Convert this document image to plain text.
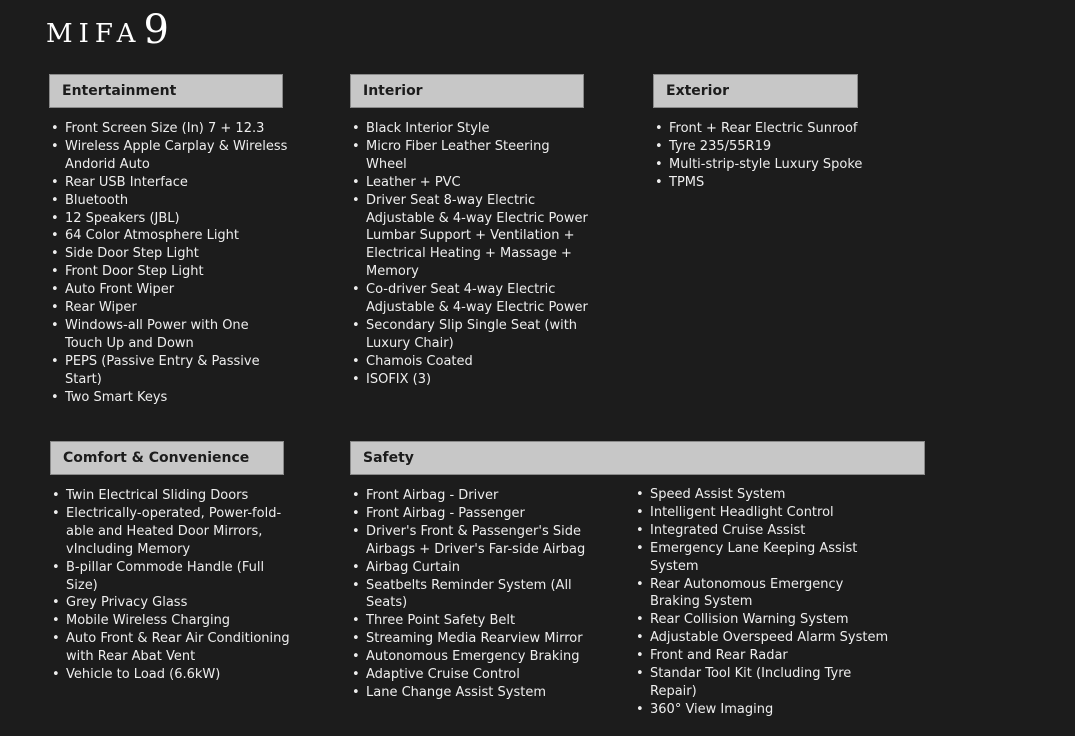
MIFA 9
Entertainment
• Front Screen Size (In) 7 + 12.3
• Wireless Apple Carplay & Wireless Andorid Auto
• Rear USB Interface
• Bluetooth
• 12 Speakers (JBL)
• 64 Color Atmosphere Light
• Side Door Step Light
• Front Door Step Light
• Auto Front Wiper
• Rear Wiper
• Windows-all Power with One Touch Up and Down
• PEPS (Passive Entry & Passive Start)
• Two Smart Keys
Interior
• Black Interior Style
• Micro Fiber Leather Steering Wheel
• Leather + PVC
• Driver Seat 8-way Electric Adjustable & 4-way Electric Power Lumbar Support + Ventilation + Electrical Heating + Massage + Memory
• Co-driver Seat 4-way Electric Adjustable & 4-way Electric Power
• Secondary Slip Single Seat (with Luxury Chair)
• Chamois Coated
• ISOFIX (3)
Exterior
• Front + Rear Electric Sunroof
• Tyre 235/55R19
• Multi-strip-style Luxury Spoke
• TPMS
Comfort & Convenience
• Twin Electrical Sliding Doors
• Electrically-operated, Power-fold-able and Heated Door Mirrors, vIncluding Memory
• B-pillar Commode Handle (Full Size)
• Grey Privacy Glass
• Mobile Wireless Charging
• Auto Front & Rear Air Conditioning with Rear Abat Vent
• Vehicle to Load (6.6kW)
Safety
• Front Airbag - Driver
• Front Airbag - Passenger
• Driver's Front & Passenger's Side Airbags + Driver's Far-side Airbag
• Airbag Curtain
• Seatbelts Reminder System (All Seats)
• Three Point Safety Belt
• Streaming Media Rearview Mirror
• Autonomous Emergency Braking
• Adaptive Cruise Control
• Lane Change Assist System
• Speed Assist System
• Intelligent Headlight Control
• Integrated Cruise Assist
• Emergency Lane Keeping Assist System
• Rear Autonomous Emergency Braking System
• Rear Collision Warning System
• Adjustable Overspeed Alarm System
• Front and Rear Radar
• Standar Tool Kit (Including Tyre Repair)
• 360° View Imaging
